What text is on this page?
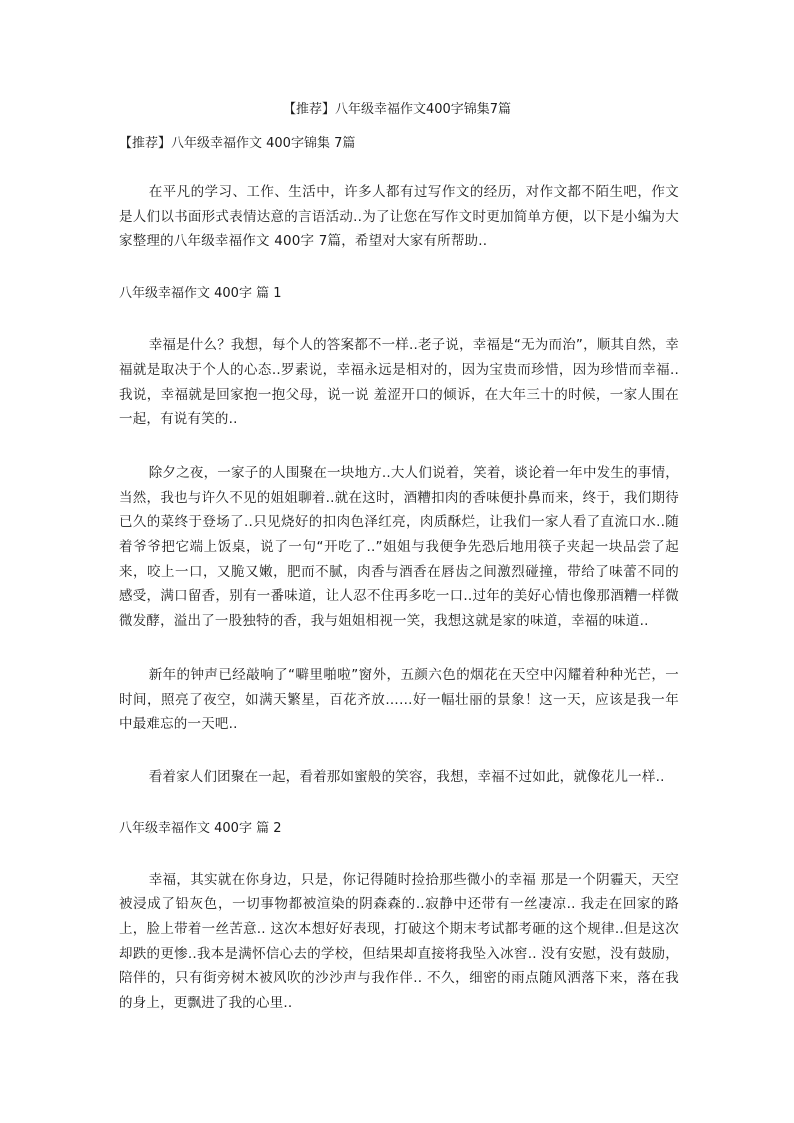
【推荐】八年级幸福作文400字锦集7篇
【推荐】八年级幸福作文 400字锦集 7篇

在平凡的学习、工作、生活中，许多人都有过写作文的经历，对作文都不陌生吧，作文是人们以书面形式表情达意的言语活动..为了让您在写作文时更加简单方便，以下是小编为大家整理的八年级幸福作文 400字 7篇，希望对大家有所帮助..

八年级幸福作文 400字 篇 1

幸福是什么？我想，每个人的答案都不一样..老子说，幸福是“无为而治”，顺其自然，幸福就是取决于个人的心态..罗素说，幸福永远是相对的，因为宝贵而珍惜，因为珍惜而幸福..我说，幸福就是回家抱一抱父母，说一说 羞涩开口的倾诉，在大年三十的时候，一家人围在一起，有说有笑的..

除夕之夜，一家子的人围聚在一块地方..大人们说着，笑着，谈论着一年中发生的事情，当然，我也与许久不见的姐姐聊着..就在这时，酒糟扣肉的香味便扑鼻而来，终于，我们期待已久的菜终于登场了..只见烧好的扣肉色泽红亮，肉质酥烂，让我们一家人看了直流口水..随着爷爷把它端上饭桌，说了一句“开吃了..”姐姐与我便争先恐后地用筷子夹起一块品尝了起来，咬上一口，又脆又嫩，肥而不腻，肉香与酒香在唇齿之间激烈碰撞，带给了味蕾不同的感受，满口留香，别有一番味道，让人忍不住再多吃一口..过年的美好心情也像那酒糟一样微微发酵，溢出了一股独特的香，我与姐姐相视一笑，我想这就是家的味道，幸福的味道..

新年的钟声已经敲响了“噼里啪啦”窗外，五颜六色的烟花在天空中闪耀着种种光芒，一时间，照亮了夜空，如满天繁星，百花齐放……好一幅壮丽的景象！这一天，应该是我一年中最难忘的一天吧..

看着家人们团聚在一起，看着那如蜜般的笑容，我想，幸福不过如此，就像花儿一样..

八年级幸福作文 400字 篇 2

幸福，其实就在你身边，只是，你记得随时捡拾那些微小的幸福 那是一个阴霾天，天空被浸成了铅灰色，一切事物都被渲染的阴森森的..寂静中还带有一丝凄凉.. 我走在回家的路上，脸上带着一丝苦意.. 这次本想好好表现，打破这个期末考试都考砸的这个规律..但是这次却跌的更惨..我本是满怀信心去的学校，但结果却直接将我坠入冰窖.. 没有安慰，没有鼓励，陪伴的，只有街旁树木被风吹的沙沙声与我作伴.. 不久，细密的雨点随风洒落下来，落在我的身上，更飘进了我的心里..
